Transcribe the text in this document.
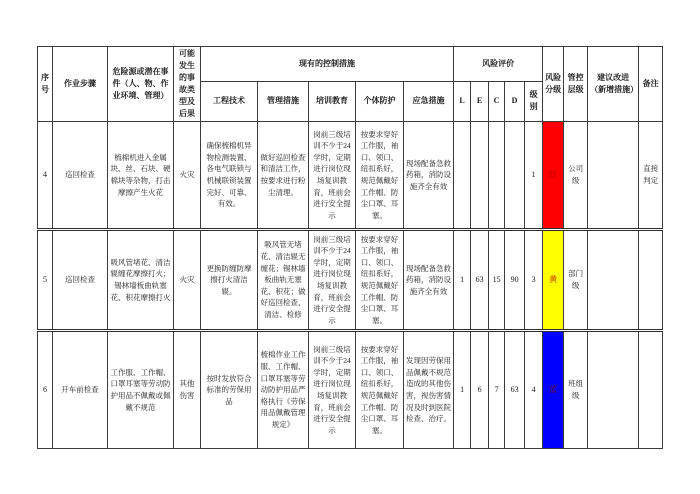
序号	作业步骤	危险源或潜在事件（人、物、作业环境、管理）	可能发生的事故类型及后果	现有的控制措施					风险评价					风险分级	管控层级	建议改进（新增措施）	备注
				工程技术	管理措施	培训教育	个体防护	应急措施	L	E	C	D	级别				
4	巡回检查	梳棉机进入金属块、丝、石块、硬棉块等杂物，打击摩擦产生火花	火灾	确保梳棉机异物检测装置、各电气联锁与机械联锁装置完好、可靠、有效。	做好巡回检查和清洁工作，按要求进行粉尘清理。	岗前三级培训不少于24学时，定期进行岗位现场复训教育，班前会进行安全提示	按要求穿好工作服，袖口、领口、纽扣系好，规范佩戴好工作帽、防尘口罩、耳塞。	现场配备急救药箱，消防设施齐全有效					1	红	公司级		直接判定
5	巡回检查	吸风管堵花、清洁辊缠花摩擦打火；锡林墙板曲轨塞花、积花摩擦打火	火灾	更换防缠防摩擦打火清洁辊。	吸风管无堵花、清洁辊无缠花；锡林墙板曲轨无塞花、积花；做好巡回检查、清洁、检修	岗前三级培训不少于24学时，定期进行岗位现场复训教育，班前会进行安全提示	按要求穿好工作服，袖口、领口、纽扣系好，规范佩戴好工作帽、防尘口罩、耳塞。	现场配备急救药箱，消防设施齐全有效	1	63	15	90	3	黄	部门级		
6	开车前检查	工作服、工作帽、口罩耳塞等劳动防护用品不佩戴或佩戴不规范	其他伤害	按时发放符合标准的劳保用品	梳棉作业工作服、工作帽、口罩耳塞等劳动防护用品严格执行《劳保用品佩戴管理规定》	岗前三级培训不少于24学时，定期进行岗位现场复训教育，班前会进行安全提示	按要求穿好工作服，袖口、领口、纽扣系好，规范佩戴好工作帽、防尘口罩、耳塞。	发现因劳保用品佩戴不规范造成的其他伤害，视伤害情况及时到医院检查、治疗。	1	6	7	63	4	蓝	班组级		
